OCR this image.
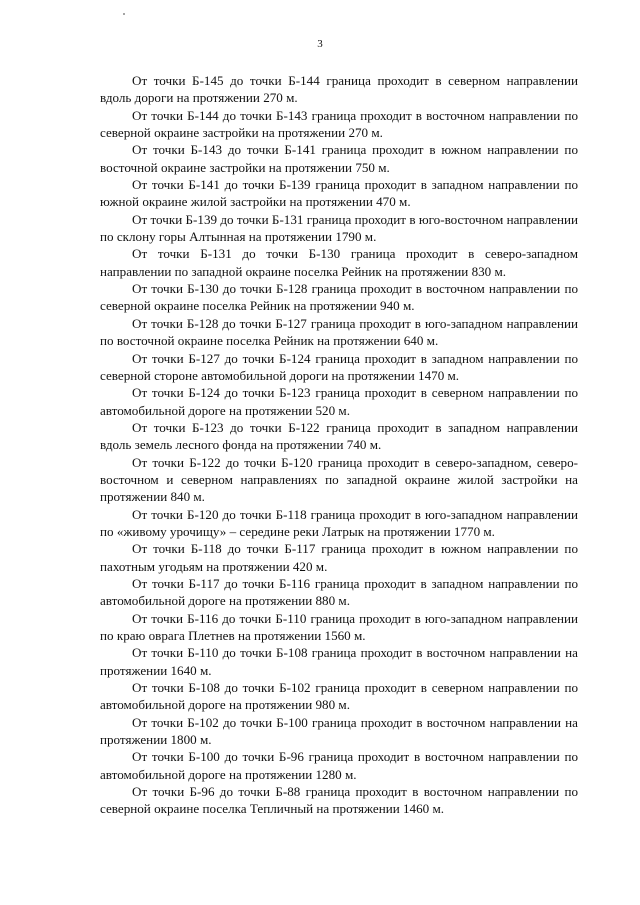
3

От точки Б-145 до точки Б-144 граница проходит в северном направлении вдоль дороги на протяжении 270 м.

От точки Б-144 до точки Б-143 граница проходит в восточном направлении по северной окраине застройки на протяжении 270 м.

От точки Б-143 до точки Б-141 граница проходит в южном направлении по восточной окраине застройки на протяжении 750 м.

От точки Б-141 до точки Б-139 граница проходит в западном направлении по южной окраине жилой застройки на протяжении 470 м.

От точки Б-139 до точки Б-131 граница проходит в юго-восточном направлении по склону горы Алтынная на протяжении 1790 м.

От точки Б-131 до точки Б-130 граница проходит в северо-западном направлении по западной окраине поселка Рейник на протяжении 830 м.

От точки Б-130 до точки Б-128 граница проходит в восточном направлении по северной окраине поселка Рейник на протяжении 940 м.

От точки Б-128 до точки Б-127 граница проходит в юго-западном направлении по восточной окраине поселка Рейник на протяжении 640 м.

От точки Б-127 до точки Б-124 граница проходит в западном направлении по северной стороне автомобильной дороги на протяжении 1470 м.

От точки Б-124 до точки Б-123 граница проходит в северном направлении по автомобильной дороге на протяжении 520 м.

От точки Б-123 до точки Б-122 граница проходит в западном направлении вдоль земель лесного фонда на протяжении 740 м.

От точки Б-122 до точки Б-120 граница проходит в северо-западном, северо-восточном и северном направлениях по западной окраине жилой застройки на протяжении 840 м.

От точки Б-120 до точки Б-118 граница проходит в юго-западном направлении по «живому урочищу» – середине реки Латрык на протяжении 1770 м.

От точки Б-118 до точки Б-117 граница проходит в южном направлении по пахотным угодьям на протяжении 420 м.

От точки Б-117 до точки Б-116 граница проходит в западном направлении по автомобильной дороге на протяжении 880 м.

От точки Б-116 до точки Б-110 граница проходит в юго-западном направлении по краю оврага Плетнев на протяжении 1560 м.

От точки Б-110 до точки Б-108 граница проходит в восточном направлении на протяжении 1640 м.

От точки Б-108 до точки Б-102 граница проходит в северном направлении по автомобильной дороге на протяжении 980 м.

От точки Б-102 до точки Б-100 граница проходит в восточном направлении на протяжении 1800 м.

От точки Б-100 до точки Б-96 граница проходит в восточном направлении по автомобильной дороге на протяжении 1280 м.

От точки Б-96 до точки Б-88 граница проходит в восточном направлении по северной окраине поселка Тепличный на протяжении 1460 м.
